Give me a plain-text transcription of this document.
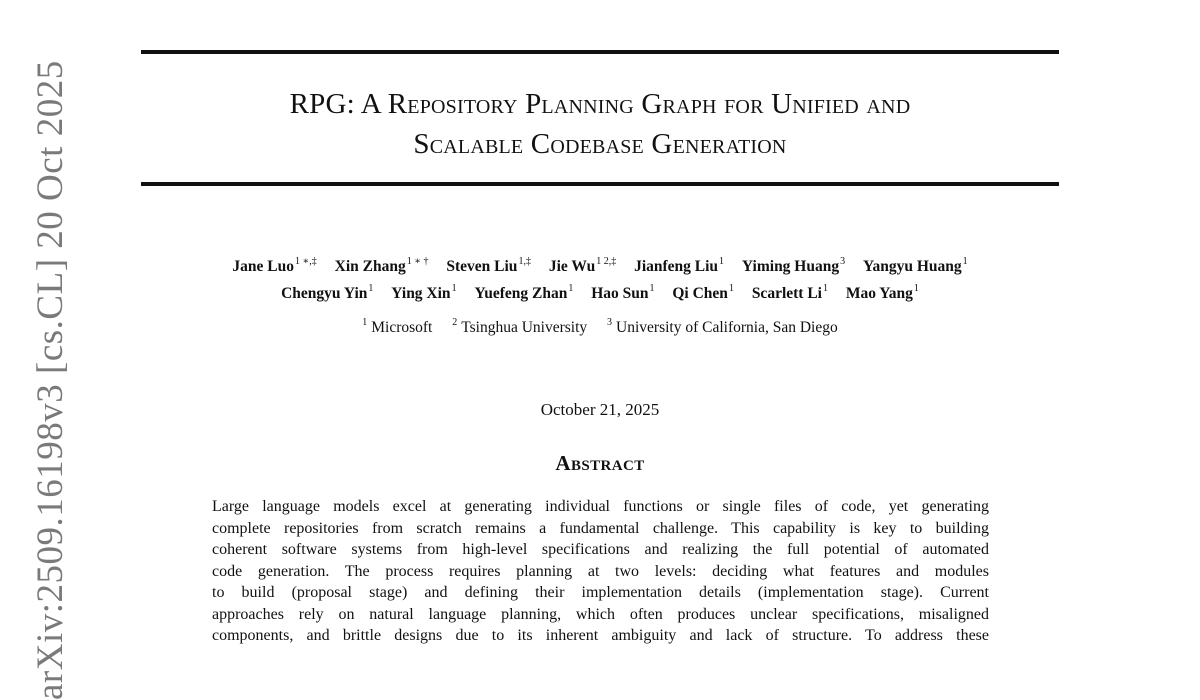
RPG: A Repository Planning Graph for Unified and
Scalable Codebase Generation
Jane Luo$^{1 ∗,\ddagger}$ Xin Zhang$^{1 ∗ \dagger}$ Steven Liu$^{1,\ddagger}$ Jie $Wu^{1 2,\ddagger}$ Jianfeng Liu$^1$ Yiming Huang$^3$ Yangyu Huang$^1$
Chengyu Yin$^1$ Ying Xin$^1$ Yuefeng Zhan$^1$ Hao Sun$^1$ Qi Chen$^1$ Scarlett Li$^1$ Mao Yang$^1$
$^1$ Microsoft $^2$ Tsinghua University $^3$ University of California, San Diego
October 21, 2025
Abstract
Large language models excel at generating individual functions or single files of code, yet generating
complete repositories from scratch remains a fundamental challenge. This capability is key to building
coherent software systems from high-level specifications and realizing the full potential of automated
code generation. The process requires planning at two levels: deciding what features and modules
to build (proposal stage) and defining their implementation details (implementation stage). Current
approaches rely on natural language planning, which often produces unclear specifications, misaligned
components, and brittle designs due to its inherent ambiguity and lack of structure. To address these
arXiv:2509.16198v3 [cs.CL] 20 Oct 2025
